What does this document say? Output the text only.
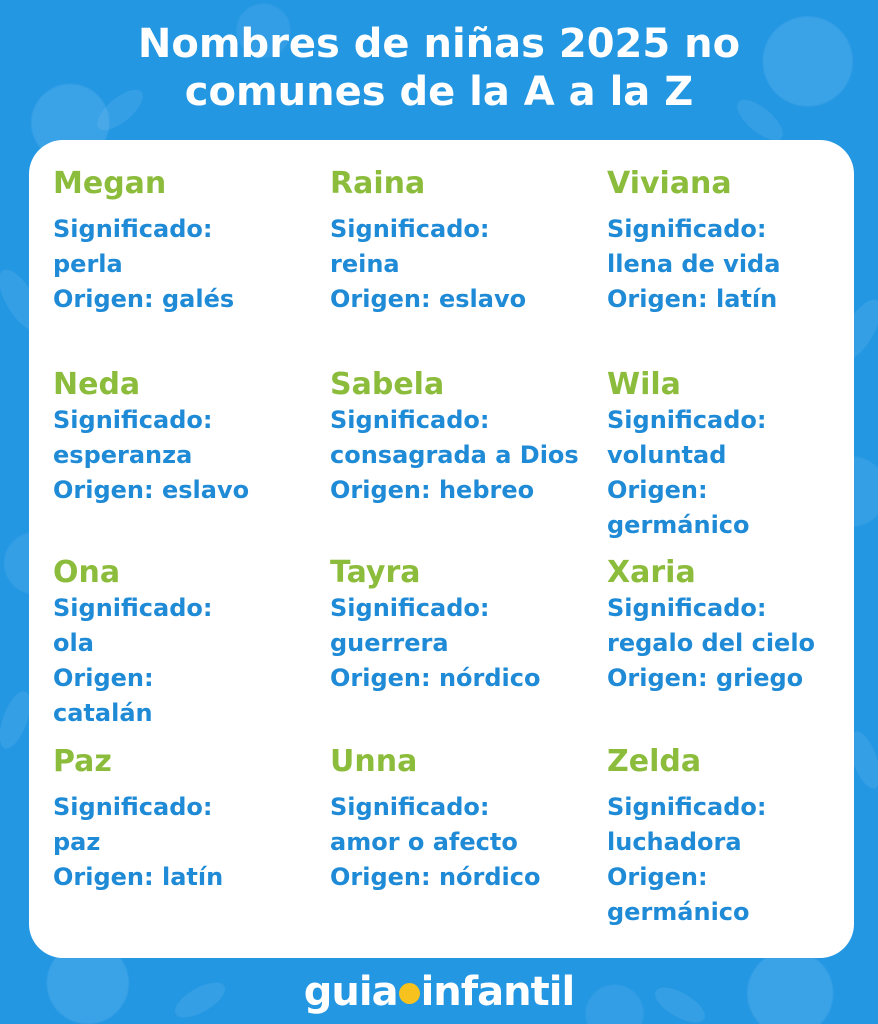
Nombres de niñas 2025 no
comunes de la A a la Z
Megan
Significado:
perla
Origen: galés
Raina
Significado:
reina
Origen: eslavo
Viviana
Significado:
llena de vida
Origen: latín
Neda
Significado:
esperanza
Origen: eslavo
Sabela
Significado:
consagrada a Dios
Origen: hebreo
Wila
Significado:
voluntad
Origen:
germánico
Ona
Significado:
ola
Origen:
catalán
Tayra
Significado:
guerrera
Origen: nórdico
Xaria
Significado:
regalo del cielo
Origen: griego
Paz
Significado:
paz
Origen: latín
Unna
Significado:
amor o afecto
Origen: nórdico
Zelda
Significado:
luchadora
Origen:
germánico
guia infantil
